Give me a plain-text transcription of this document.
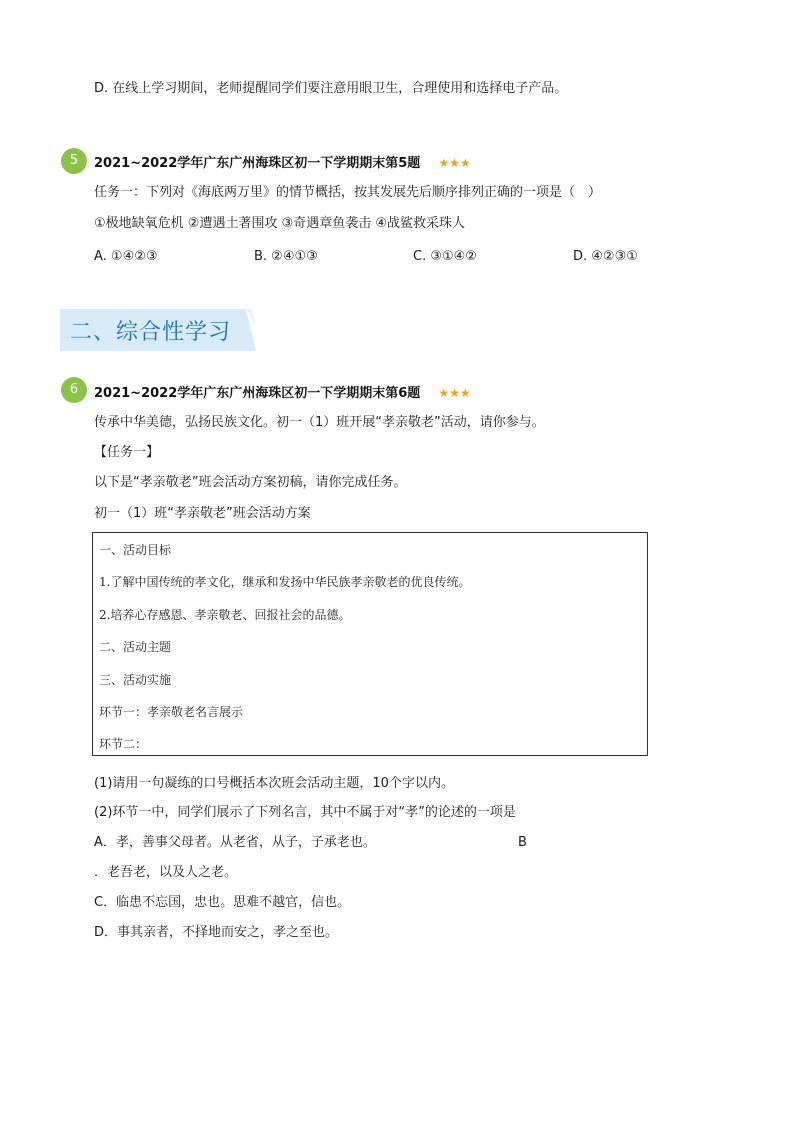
D. 在线上学习期间，老师提醒同学们要注意用眼卫生，合理使用和选择电子产品。
5	2021~2022学年广东广州海珠区初一下学期期末第5题 ★★★
任务一：下列对《海底两万里》的情节概括，按其发展先后顺序排列正确的一项是（　）
①极地缺氧危机 ②遭遇土著围攻 ③奇遇章鱼袭击 ④战鲨救采珠人
A. ①④②③	B. ②④①③	C. ③①④②	D. ④②③①
二、综合性学习
6	2021~2022学年广东广州海珠区初一下学期期末第6题 ★★★
传承中华美德，弘扬民族文化。初一（1）班开展“孝亲敬老”活动，请你参与。
【任务一】
以下是“孝亲敬老”班会活动方案初稿，请你完成任务。
初一（1）班“孝亲敬老”班会活动方案
一、活动目标
1.了解中国传统的孝文化，继承和发扬中华民族孝亲敬老的优良传统。
2.培养心存感恩、孝亲敬老、回报社会的品德。
二、活动主题
三、活动实施
环节一：孝亲敬老名言展示
环节二：
(1)请用一句凝练的口号概括本次班会活动主题，10个字以内。
(2)环节一中，同学们展示了下列名言，其中不属于对“孝”的论述的一项是
A．孝，善事父母者。从老省，从子，子承老也。	B
．老吾老，以及人之老。
C．临患不忘国，忠也。思难不越官，信也。
D．事其亲者，不择地而安之，孝之至也。
